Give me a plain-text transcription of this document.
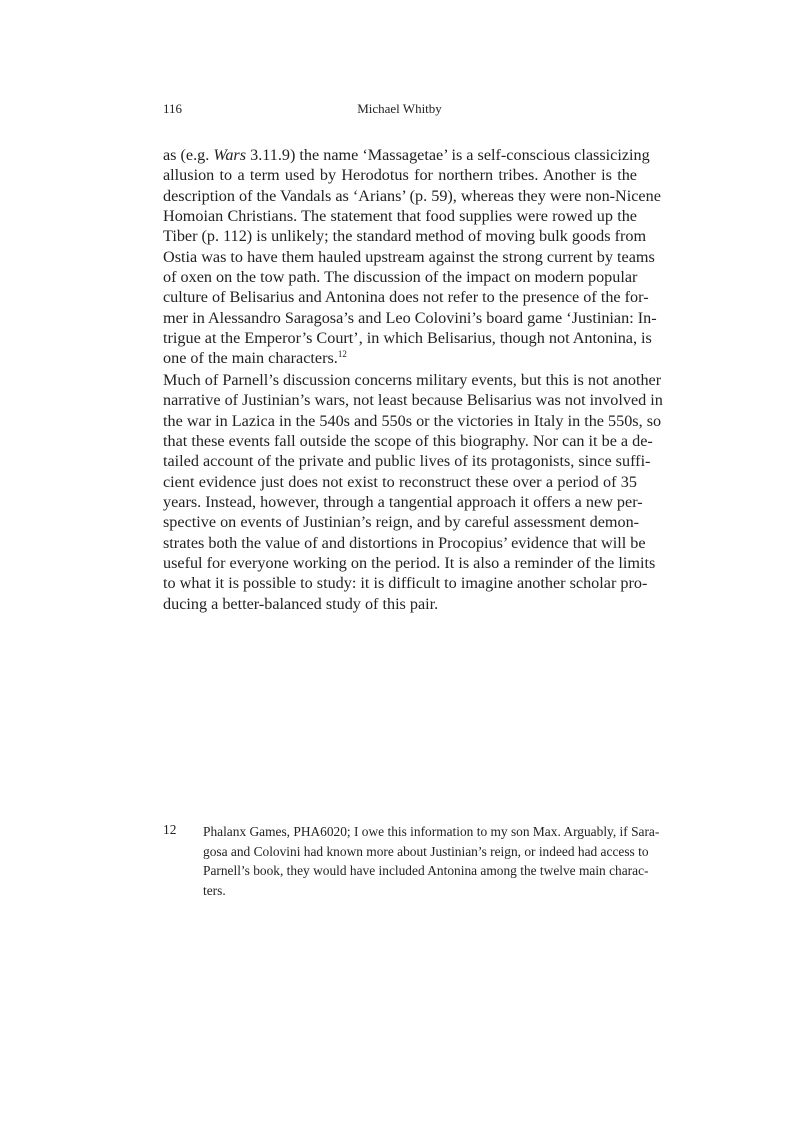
116	Michael Whitby
as (e.g. Wars 3.11.9) the name ‘Massagetae’ is a self-conscious classicizing
allusion to a term used by Herodotus for northern tribes. Another is the
description of the Vandals as ‘Arians’ (p. 59), whereas they were non-Nicene
Homoian Christians. The statement that food supplies were rowed up the
Tiber (p. 112) is unlikely; the standard method of moving bulk goods from
Ostia was to have them hauled upstream against the strong current by teams
of oxen on the tow path. The discussion of the impact on modern popular
culture of Belisarius and Antonina does not refer to the presence of the for-
mer in Alessandro Saragosa’s and Leo Colovini’s board game ‘Justinian: In-
trigue at the Emperor’s Court’, in which Belisarius, though not Antonina, is
one of the main characters.$^{12}$
Much of Parnell’s discussion concerns military events, but this is not another
narrative of Justinian’s wars, not least because Belisarius was not involved in
the war in Lazica in the 540s and 550s or the victories in Italy in the 550s, so
that these events fall outside the scope of this biography. Nor can it be a de-
tailed account of the private and public lives of its protagonists, since suffi-
cient evidence just does not exist to reconstruct these over a period of 35
years. Instead, however, through a tangential approach it offers a new per-
spective on events of Justinian’s reign, and by careful assessment demon-
strates both the value of and distortions in Procopius’ evidence that will be
useful for everyone working on the period. It is also a reminder of the limits
to what it is possible to study: it is difficult to imagine another scholar pro-
ducing a better-balanced study of this pair.
12 Phalanx Games, PHA6020; I owe this information to my son Max. Arguably, if Sara-
gosa and Colovini had known more about Justinian’s reign, or indeed had access to
Parnell’s book, they would have included Antonina among the twelve main charac-
ters.
